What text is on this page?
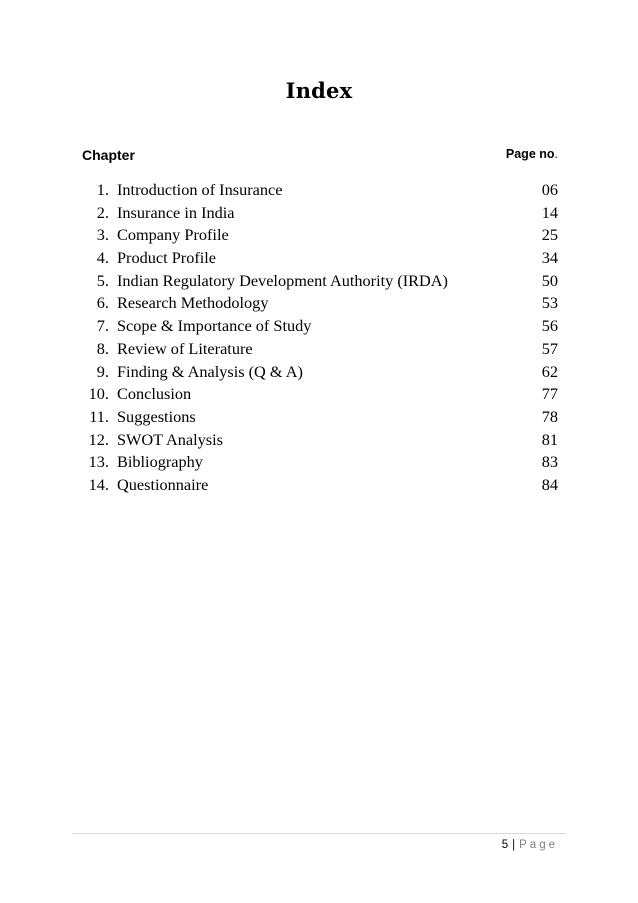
Index
Chapter	Page no.
1. Introduction of Insurance	06
2. Insurance in India	14
3. Company Profile	25
4. Product Profile	34
5. Indian Regulatory Development Authority (IRDA)	50
6. Research Methodology	53
7. Scope & Importance of Study	56
8. Review of Literature	57
9. Finding & Analysis (Q & A)	62
10. Conclusion	77
11. Suggestions	78
12. SWOT Analysis	81
13. Bibliography	83
14. Questionnaire	84
5 | Page
